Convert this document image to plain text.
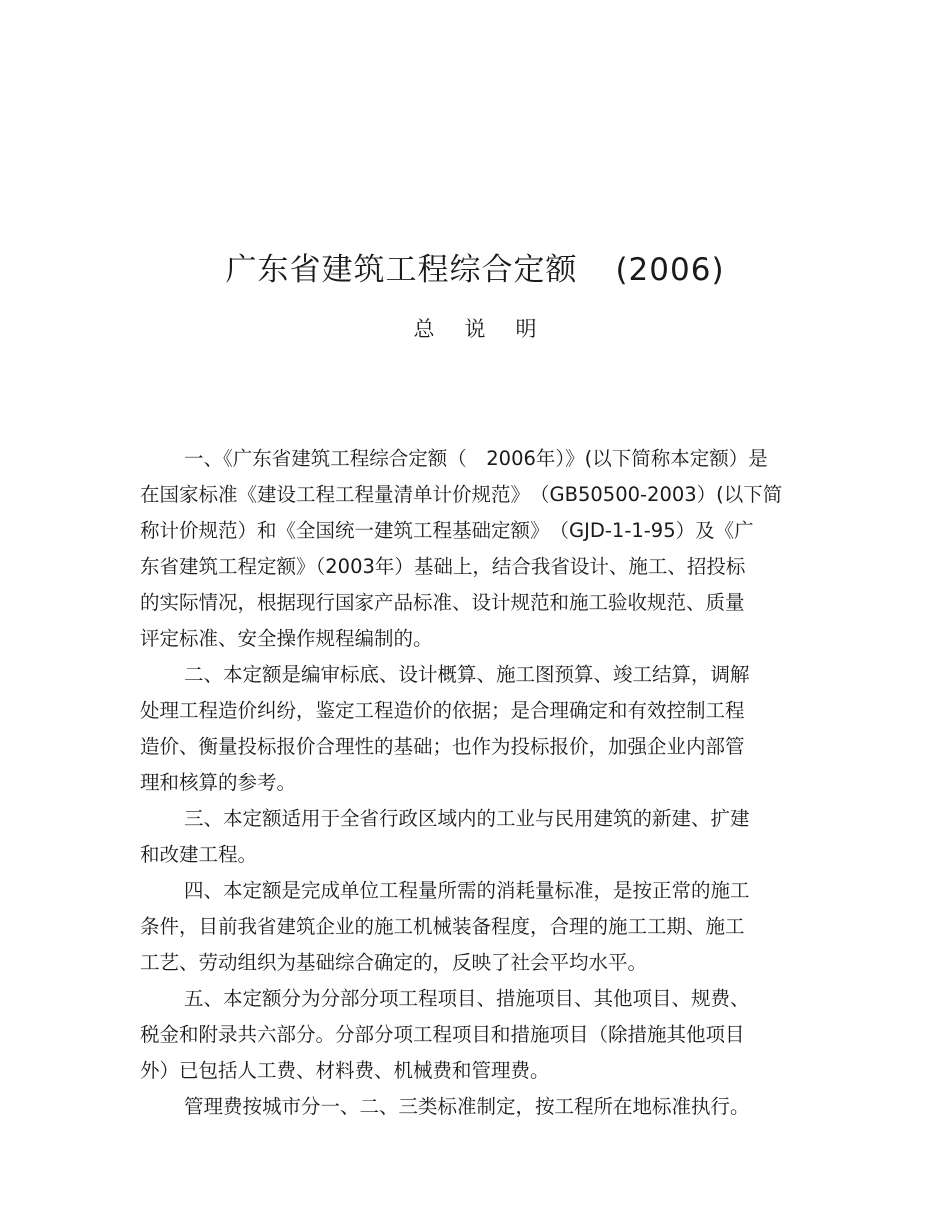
广东省建筑工程综合定额 (2006)
总说明
一、《广东省建筑工程综合定额（　2006年）》(以下简称本定额）是
在国家标准《建设工程工程量清单计价规范》　（GB50500-2003）(以下简
称计价规范）和《全国统一建筑工程基础定额》　（GJD-1-1-95）及《广
东省建筑工程定额》（2003年）基础上，结合我省设计、施工、招投标
的实际情况，根据现行国家产品标准、设计规范和施工验收规范、质量
评定标准、安全操作规程编制的。
二、本定额是编审标底、设计概算、施工图预算、竣工结算，调解
处理工程造价纠纷，鉴定工程造价的依据；是合理确定和有效控制工程
造价、衡量投标报价合理性的基础；也作为投标报价，加强企业内部管
理和核算的参考。
三、本定额适用于全省行政区域内的工业与民用建筑的新建、扩建
和改建工程。
四、本定额是完成单位工程量所需的消耗量标准，是按正常的施工
条件，目前我省建筑企业的施工机械装备程度，合理的施工工期、施工
工艺、劳动组织为基础综合确定的，反映了社会平均水平。
五、本定额分为分部分项工程项目、措施项目、其他项目、规费、
税金和附录共六部分。分部分项工程项目和措施项目（除措施其他项目
外）已包括人工费、材料费、机械费和管理费。
管理费按城市分一、二、三类标准制定，按工程所在地标准执行。
